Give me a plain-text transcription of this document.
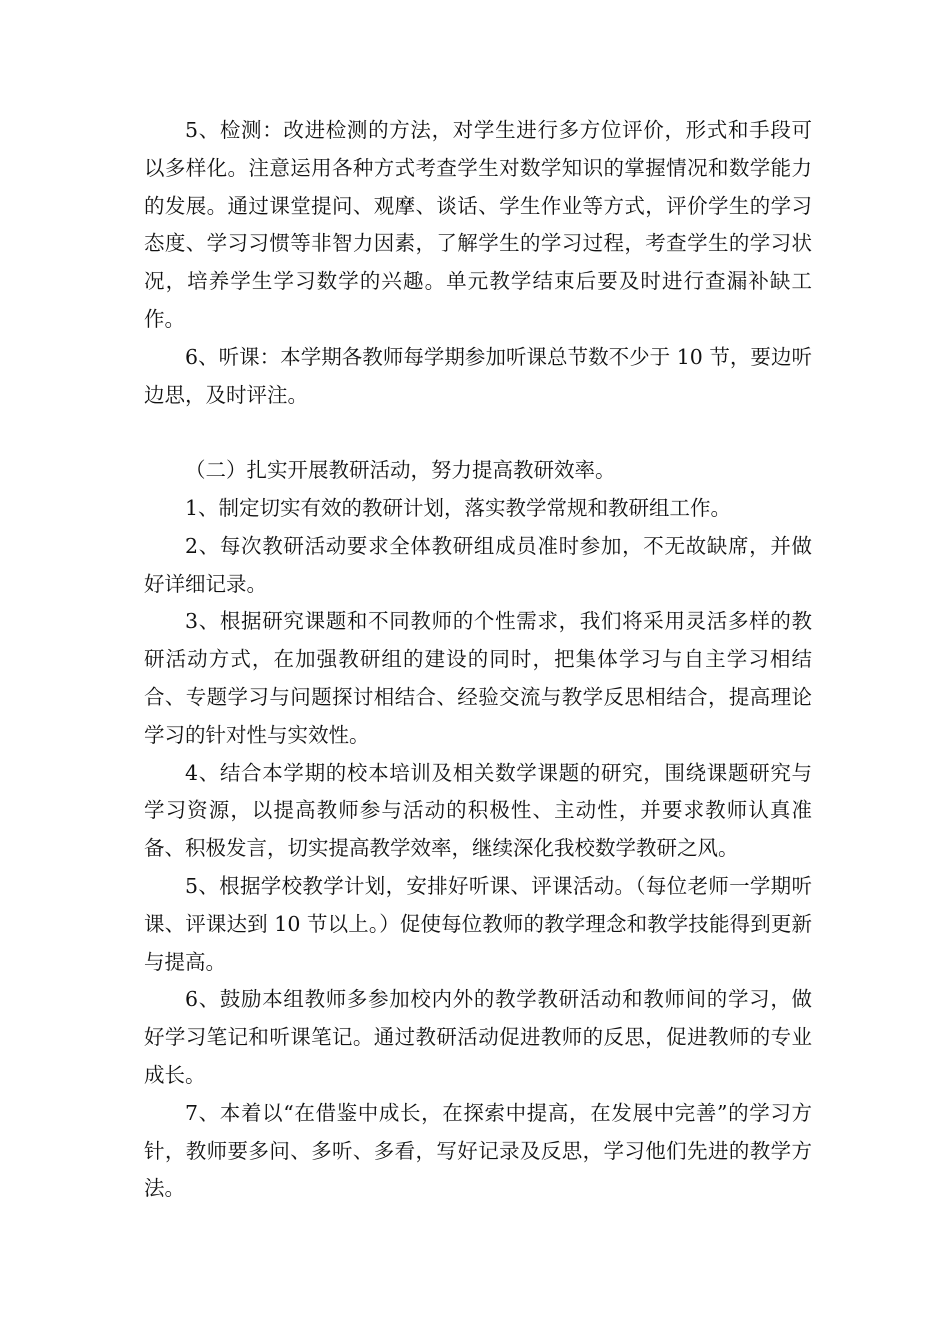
5、检测：改进检测的方法，对学生进行多方位评价，形式和手段可以多样化。注意运用各种方式考查学生对数学知识的掌握情况和数学能力的发展。通过课堂提问、观摩、谈话、学生作业等方式，评价学生的学习态度、学习习惯等非智力因素，了解学生的学习过程，考查学生的学习状况，培养学生学习数学的兴趣。单元教学结束后要及时进行查漏补缺工作。

6、听课：本学期各教师每学期参加听课总节数不少于 10 节，要边听边思，及时评注。

（二）扎实开展教研活动，努力提高教研效率。

1、制定切实有效的教研计划，落实教学常规和教研组工作。

2、每次教研活动要求全体教研组成员准时参加，不无故缺席，并做好详细记录。

3、根据研究课题和不同教师的个性需求，我们将采用灵活多样的教研活动方式，在加强教研组的建设的同时，把集体学习与自主学习相结合、专题学习与问题探讨相结合、经验交流与教学反思相结合，提高理论学习的针对性与实效性。

4、结合本学期的校本培训及相关数学课题的研究，围绕课题研究与学习资源，以提高教师参与活动的积极性、主动性，并要求教师认真准备、积极发言，切实提高教学效率，继续深化我校数学教研之风。

5、根据学校教学计划，安排好听课、评课活动。（每位老师一学期听课、评课达到 10 节以上。）促使每位教师的教学理念和教学技能得到更新与提高。

6、鼓励本组教师多参加校内外的教学教研活动和教师间的学习，做好学习笔记和听课笔记。通过教研活动促进教师的反思，促进教师的专业成长。

7、本着以“在借鉴中成长，在探索中提高，在发展中完善”的学习方针，教师要多问、多听、多看，写好记录及反思，学习他们先进的教学方法。
